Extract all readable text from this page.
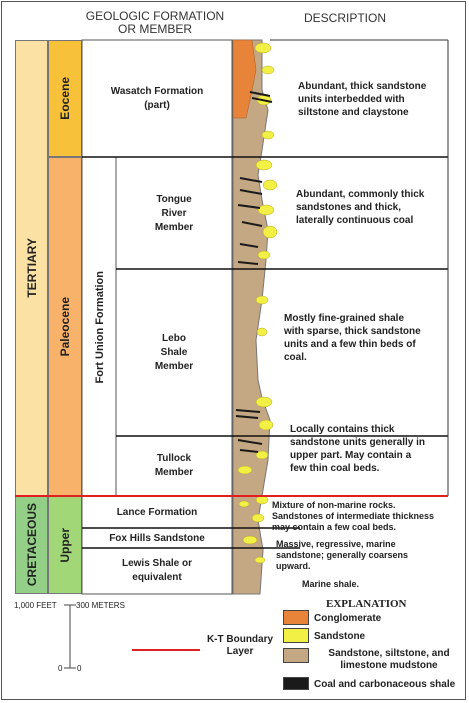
GEOLOGIC FORMATION
OR MEMBER
DESCRIPTION
TERTIARY
CRETACEOUS
Eocene
Paleocene
Upper
Fort Union Formation
Wasatch Formation
(part)
Tongue
River
Member
Lebo
Shale
Member
Tullock
Member
Lance Formation
Fox Hills Sandstone
Lewis Shale or
equivalent
Abundant, thick sandstone
units interbedded with
siltstone and claystone
Abundant, commonly thick
sandstones and thick,
laterally continuous coal
Mostly fine-grained shale
with sparse, thick sandstone
units and a few thin beds of
coal.
Locally contains thick
sandstone units generally in
upper part. May contain a
few thin coal beds.
Mixture of non-marine rocks.
Sandstones of intermediate thickness
may contain a few coal beds.
Massive, regressive, marine
sandstone; generally coarsens
upward.
Marine shale.
1,000 FEET 300 METERS
0 0
K-T Boundary
Layer
EXPLANATION
Conglomerate
Sandstone
Sandstone, siltstone, and
limestone mudstone
Coal and carbonaceous shale
